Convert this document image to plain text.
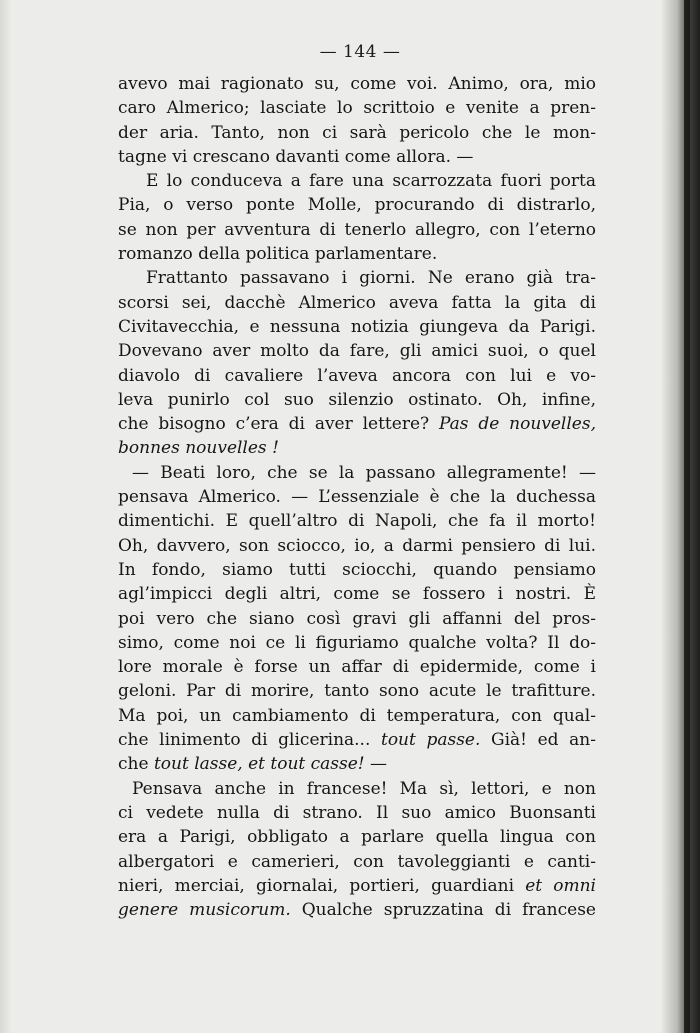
— 144 —
avevo mai ragionato su, come voi. Animo, ora, mio
caro Almerico; lasciate lo scrittoio e venite a pren-
der aria. Tanto, non ci sarà pericolo che le mon-
tagne vi crescano davanti come allora. —
E lo conduceva a fare una scarrozzata fuori porta
Pia, o verso ponte Molle, procurando di distrarlo,
se non per avventura di tenerlo allegro, con l’eterno
romanzo della politica parlamentare.
Frattanto passavano i giorni. Ne erano già tra-
scorsi sei, dacchè Almerico aveva fatta la gita di
Civitavecchia, e nessuna notizia giungeva da Parigi.
Dovevano aver molto da fare, gli amici suoi, o quel
diavolo di cavaliere l’aveva ancora con lui e vo-
leva punirlo col suo silenzio ostinato. Oh, infine,
che bisogno c’era di aver lettere? Pas de nouvelles,
bonnes nouvelles !
— Beati loro, che se la passano allegramente! —
pensava Almerico. — L’essenziale è che la duchessa
dimentichi. E quell’altro di Napoli, che fa il morto!
Oh, davvero, son sciocco, io, a darmi pensiero di lui.
In fondo, siamo tutti sciocchi, quando pensiamo
agl’impicci degli altri, come se fossero i nostri. È
poi vero che siano così gravi gli affanni del pros-
simo, come noi ce li figuriamo qualche volta? Il do-
lore morale è forse un affar di epidermide, come i
geloni. Par di morire, tanto sono acute le trafitture.
Ma poi, un cambiamento di temperatura, con qual-
che linimento di glicerina... tout passe. Già! ed an-
che tout lasse, et tout casse! —
Pensava anche in francese! Ma sì, lettori, e non
ci vedete nulla di strano. Il suo amico Buonsanti
era a Parigi, obbligato a parlare quella lingua con
albergatori e camerieri, con tavoleggianti e canti-
nieri, merciai, giornalai, portieri, guardiani et omni
genere musicorum. Qualche spruzzatina di francese
